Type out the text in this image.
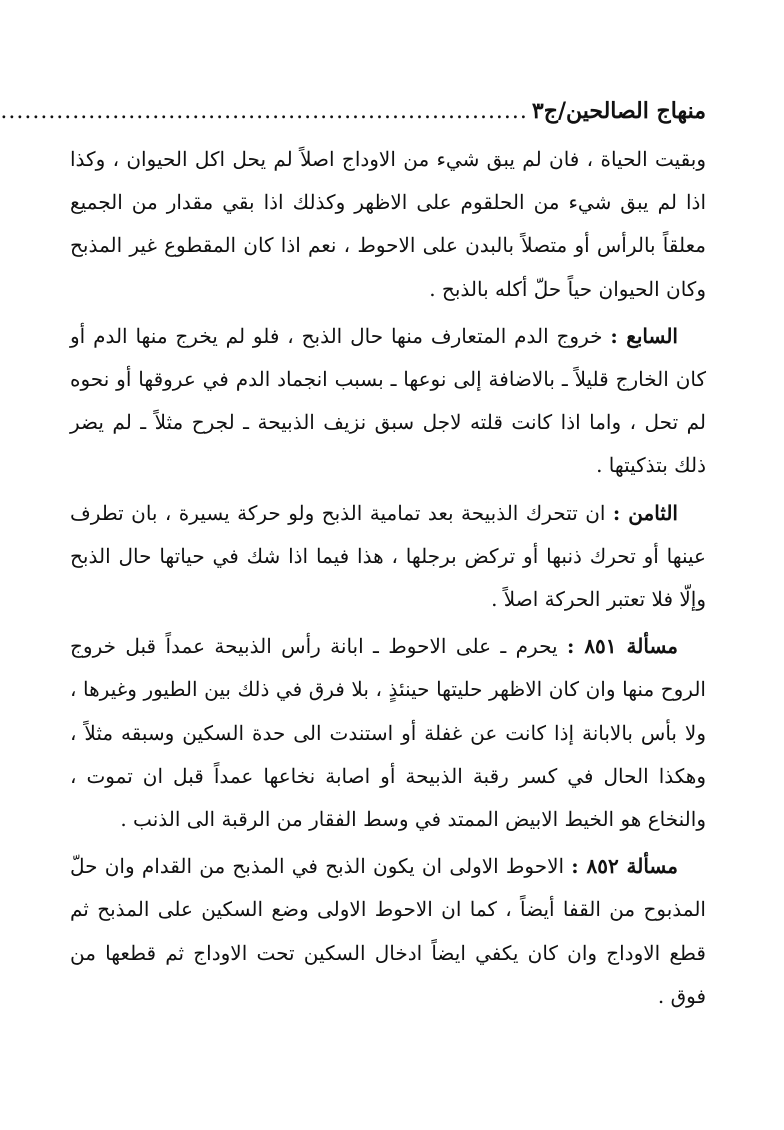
منهاج الصالحين/ج٣
..................................................................

وبقيت الحياة ، فان لم يبق شيء من الاوداج اصلاً لم يحل اكل الحيوان ، وكذا اذا لم يبق شيء من الحلقوم على الاظهر وكذلك اذا بقي مقدار من الجميع معلقاً بالرأس أو متصلاً بالبدن على الاحوط ، نعم اذا كان المقطوع غير المذبح وكان الحيوان حياً حلّ أكله بالذبح .

السابع : خروج الدم المتعارف منها حال الذبح ، فلو لم يخرج منها الدم أو كان الخارج قليلاً ـ بالاضافة إلى نوعها ـ بسبب انجماد الدم في عروقها أو نحوه لم تحل ، واما اذا كانت قلته لاجل سبق نزيف الذبيحة ـ لجرح مثلاً ـ لم يضر ذلك بتذكيتها .

الثامن : ان تتحرك الذبيحة بعد تمامية الذبح ولو حركة يسيرة ، بان تطرف عينها أو تحرك ذنبها أو تركض برجلها ، هذا فيما اذا شك في حياتها حال الذبح وإلّا فلا تعتبر الحركة اصلاً .

مسألة ٨٥١ : يحرم ـ على الاحوط ـ ابانة رأس الذبيحة عمداً قبل خروج الروح منها وان كان الاظهر حليتها حينئذٍ ، بلا فرق في ذلك بين الطيور وغيرها ، ولا بأس بالابانة إذا كانت عن غفلة أو استندت الى حدة السكين وسبقه مثلاً ، وهكذا الحال في كسر رقبة الذبيحة أو اصابة نخاعها عمداً قبل ان تموت ، والنخاع هو الخيط الابيض الممتد في وسط الفقار من الرقبة الى الذنب .

مسألة ٨٥٢ : الاحوط الاولى ان يكون الذبح في المذبح من القدام وان حلّ المذبوح من القفا أيضاً ، كما ان الاحوط الاولى وضع السكين على المذبح ثم قطع الاوداج وان كان يكفي ايضاً ادخال السكين تحت الاوداج ثم قطعها من فوق .
